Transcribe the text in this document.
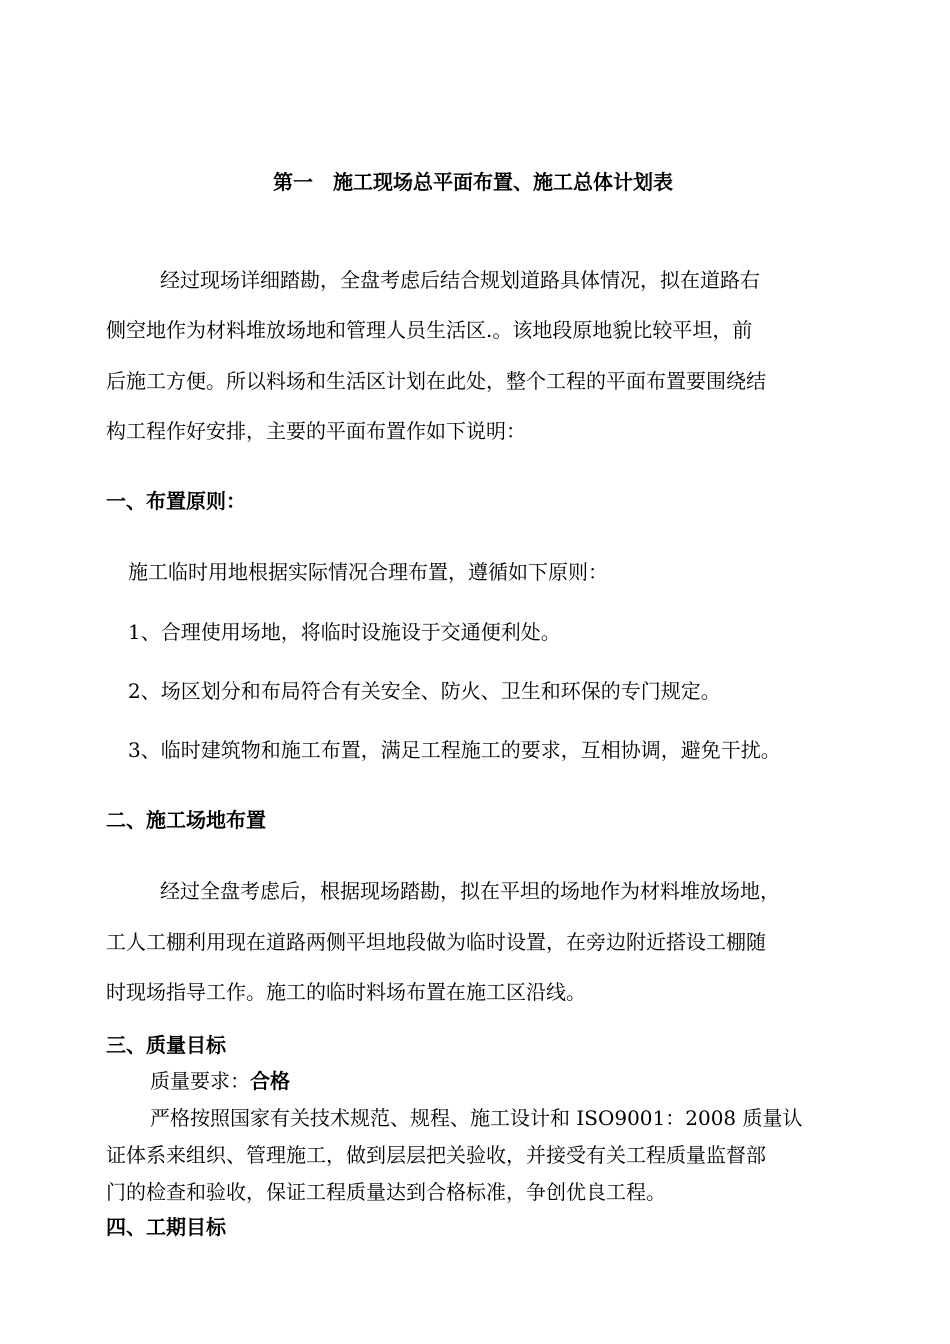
第一　施工现场总平面布置、施工总体计划表
经过现场详细踏勘，全盘考虑后结合规划道路具体情况，拟在道路右
侧空地作为材料堆放场地和管理人员生活区.。该地段原地貌比较平坦，前
后施工方便。所以料场和生活区计划在此处，整个工程的平面布置要围绕结
构工程作好安排，主要的平面布置作如下说明：
一、布置原则：
施工临时用地根据实际情况合理布置，遵循如下原则：
1、合理使用场地，将临时设施设于交通便利处。
2、场区划分和布局符合有关安全、防火、卫生和环保的专门规定。
3、临时建筑物和施工布置，满足工程施工的要求，互相协调，避免干扰。
二、施工场地布置
经过全盘考虑后，根据现场踏勘，拟在平坦的场地作为材料堆放场地，
工人工棚利用现在道路两侧平坦地段做为临时设置，在旁边附近搭设工棚随
时现场指导工作。施工的临时料场布置在施工区沿线。
三、质量目标
质量要求：合格
严格按照国家有关技术规范、规程、施工设计和 ISO9001：2008 质量认
证体系来组织、管理施工，做到层层把关验收，并接受有关工程质量监督部
门的检查和验收，保证工程质量达到合格标准，争创优良工程。
四、工期目标
